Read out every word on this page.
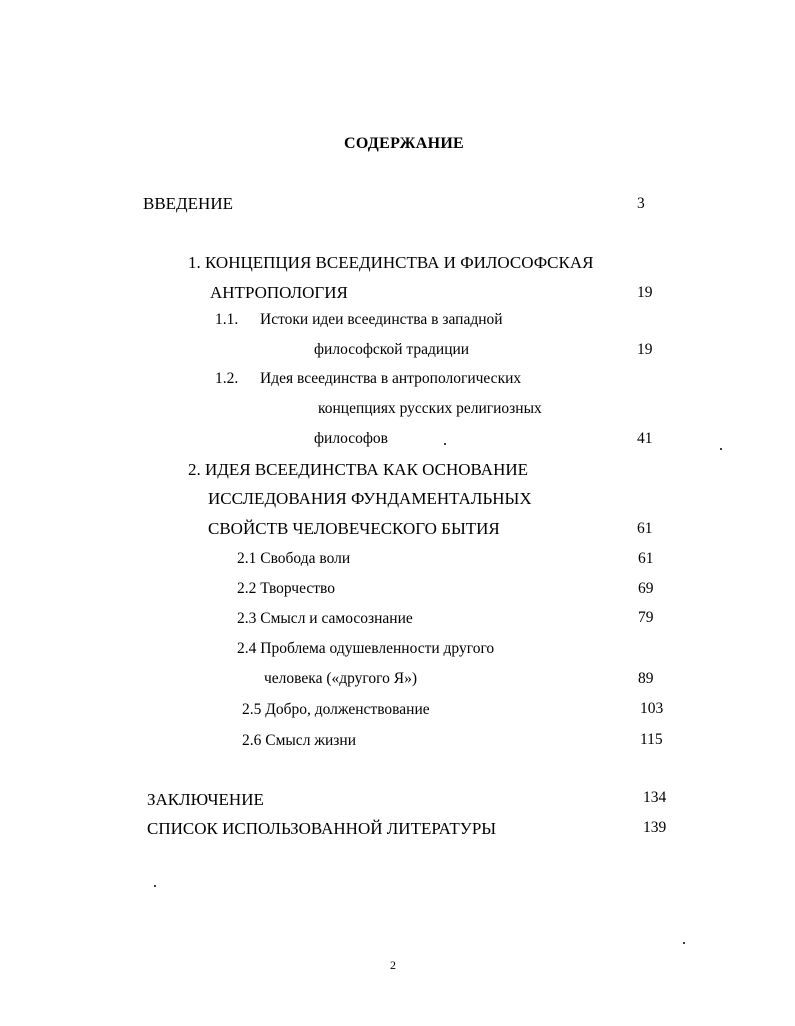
СОДЕРЖАНИЕ
ВВЕДЕНИЕ	3
1. КОНЦЕПЦИЯ ВСЕЕДИНСТВА И ФИЛОСОФСКАЯ
АНТРОПОЛОГИЯ	19
1.1. Истоки идеи всеединства в западной
философской традиции	19
1.2. Идея всеединства в антропологических
концепциях русских религиозных
философов	41
2. ИДЕЯ ВСЕЕДИНСТВА КАК ОСНОВАНИЕ
ИССЛЕДОВАНИЯ ФУНДАМЕНТАЛЬНЫХ
СВОЙСТВ ЧЕЛОВЕЧЕСКОГО БЫТИЯ	61
2.1 Свобода воли	61
2.2 Творчество	69
2.3 Смысл и самосознание	79
2.4 Проблема одушевленности другого
человека («другого Я»)	89
2.5 Добро, долженствование	103
2.6 Смысл жизни	115
ЗАКЛЮЧЕНИЕ	134
СПИСОК ИСПОЛЬЗОВАННОЙ ЛИТЕРАТУРЫ	139
2
